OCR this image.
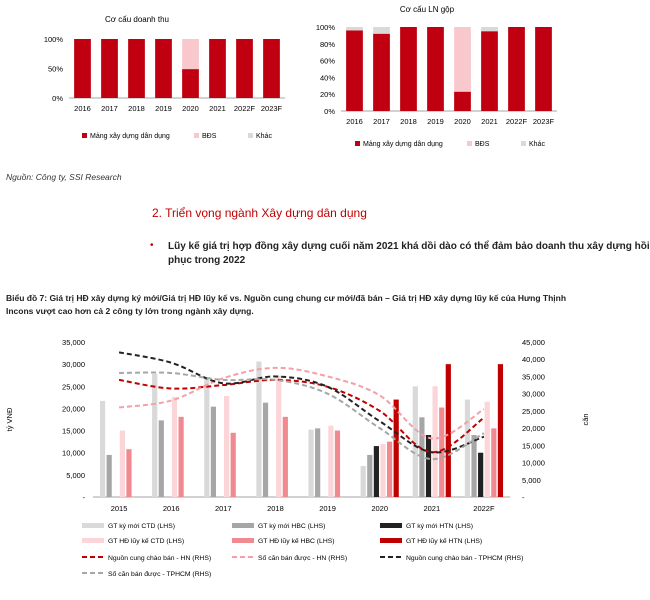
Cơ cấu doanh thu
0%
50%
100%
2016 2017 2018 2019 2020 2021 2022F 2023F
Mảng xây dựng dân dụng	BĐS	Khác
Cơ cấu LN gộp
0%
20%
40%
60%
80%
100%
2016 2017 2018 2019 2020 2021 2022F 2023F
Mảng xây dựng dân dụng	BĐS	Khác
Nguồn: Công ty, SSI Research
2. Triển vọng ngành Xây dựng dân dụng
• Lũy kế giá trị hợp đồng xây dựng cuối năm 2021 khá dồi dào có thể đảm bảo doanh thu xây dựng hồi
phục trong 2022
Biểu đồ 7: Giá trị HĐ xây dựng ký mới/Giá trị HĐ lũy kế vs. Nguồn cung chung cư mới/đã bán – Giá trị HĐ xây dựng lũy kế của Hưng Thịnh
Incons vượt cao hơn cả 2 công ty lớn trong ngành xây dựng.
tỷ VNĐ	căn
-
5,000
10,000
15,000
20,000
25,000
30,000
35,000
-
5,000
10,000
15,000
20,000
25,000
30,000
35,000
40,000
45,000
2015	2016	2017	2018	2019	2020	2021	2022F
GT ký mới CTD (LHS)	GT ký mới HBC (LHS)	GT ký mới HTN (LHS)
GT HĐ lũy kế CTD (LHS)	GT HĐ lũy kế HBC (LHS)	GT HĐ lũy kế HTN (LHS)
Nguồn cung chào bán - HN (RHS)	Số căn bán được - HN (RHS)	Nguồn cung chào bán - TPHCM (RHS)
Số căn bán được - TPHCM (RHS)
